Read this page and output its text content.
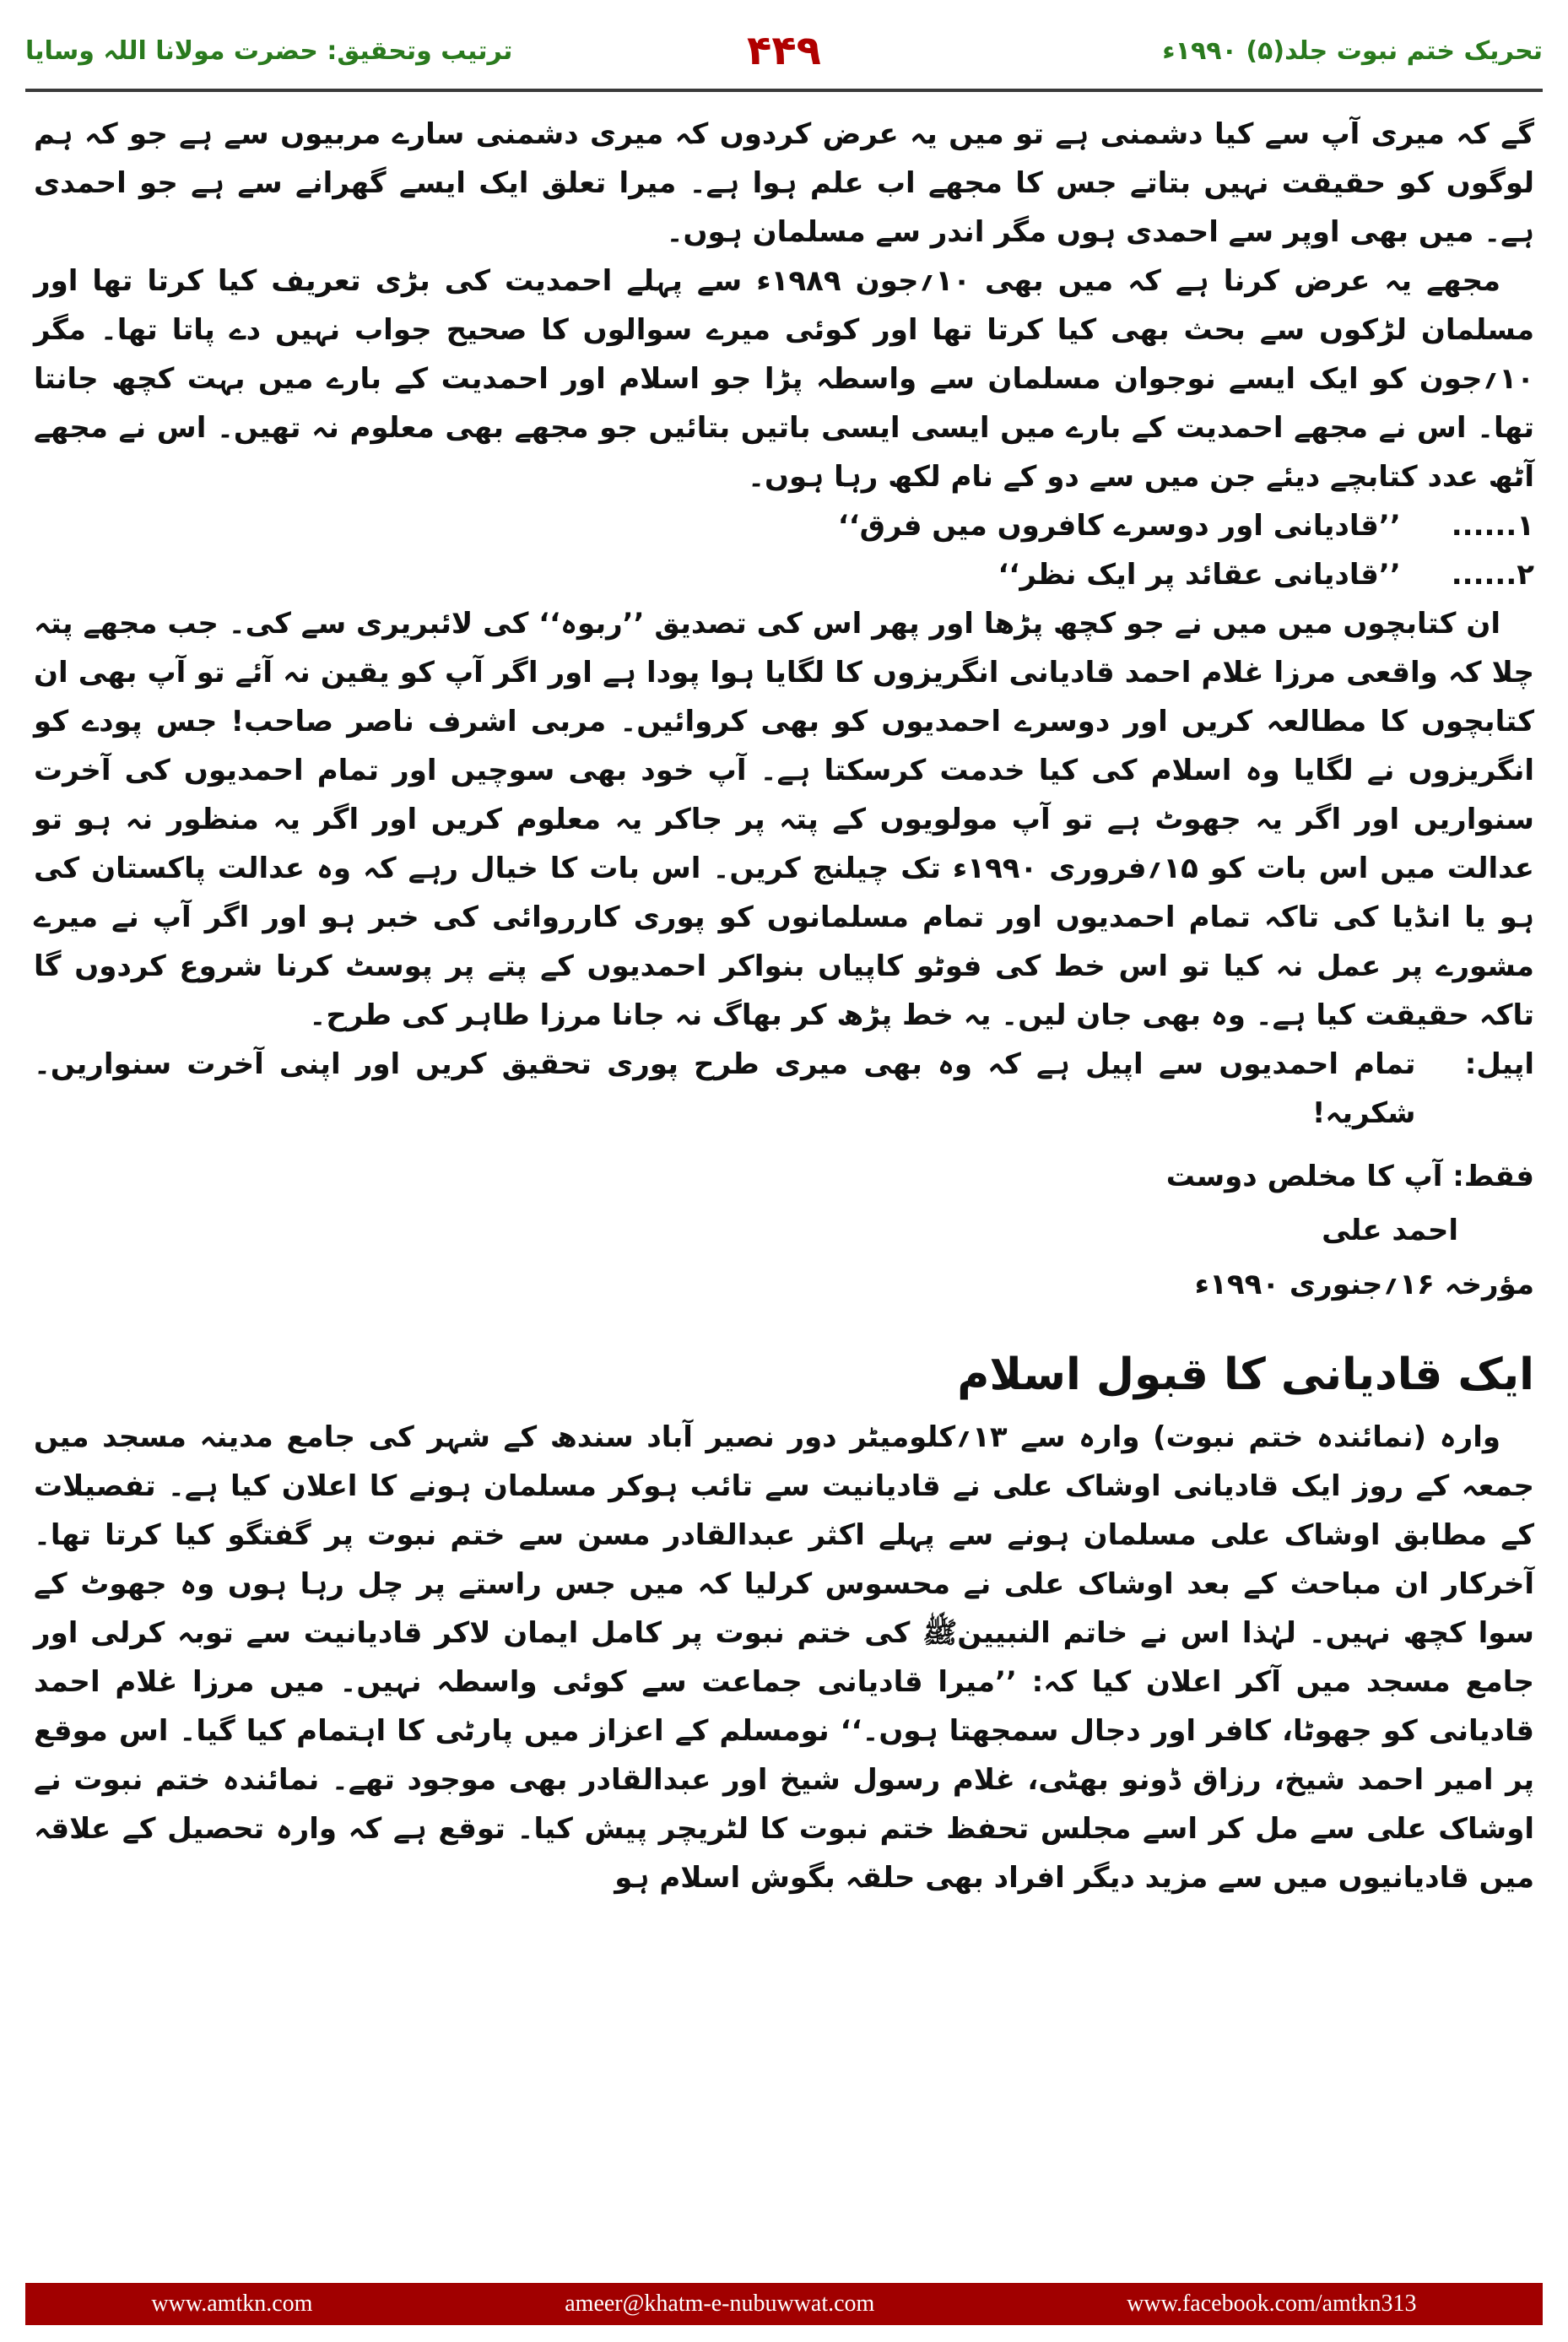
ترتیب وتحقیق: حضرت مولانا اللہ وسایا	۴۴۹	تحریک ختم نبوت جلد(۵) ۱۹۹۰ء

گے کہ میری آپ سے کیا دشمنی ہے تو میں یہ عرض کردوں کہ میری دشمنی سارے مربیوں سے ہے جو کہ ہم لوگوں کو حقیقت نہیں بتاتے جس کا مجھے اب علم ہوا ہے۔ میرا تعلق ایک ایسے گھرانے سے ہے جو احمدی ہے۔ میں بھی اوپر سے احمدی ہوں مگر اندر سے مسلمان ہوں۔

مجھے یہ عرض کرنا ہے کہ میں بھی ۱۰؍جون ۱۹۸۹ء سے پہلے احمدیت کی بڑی تعریف کیا کرتا تھا اور مسلمان لڑکوں سے بحث بھی کیا کرتا تھا اور کوئی میرے سوالوں کا صحیح جواب نہیں دے پاتا تھا۔ مگر ۱۰؍جون کو ایک ایسے نوجوان مسلمان سے واسطہ پڑا جو اسلام اور احمدیت کے بارے میں بہت کچھ جانتا تھا۔ اس نے مجھے احمدیت کے بارے میں ایسی ایسی باتیں بتائیں جو مجھے بھی معلوم نہ تھیں۔ اس نے مجھے آٹھ عدد کتابچے دیئے جن میں سے دو کے نام لکھ رہا ہوں۔

۱......
’’قادیانی اور دوسرے کافروں میں فرق‘‘
۲......
’’قادیانی عقائد پر ایک نظر‘‘

ان کتابچوں میں میں نے جو کچھ پڑھا اور پھر اس کی تصدیق ’’ربوہ‘‘ کی لائبریری سے کی۔ جب مجھے پتہ چلا کہ واقعی مرزا غلام احمد قادیانی انگریزوں کا لگایا ہوا پودا ہے اور اگر آپ کو یقین نہ آئے تو آپ بھی ان کتابچوں کا مطالعہ کریں اور دوسرے احمدیوں کو بھی کروائیں۔ مربی اشرف ناصر صاحب! جس پودے کو انگریزوں نے لگایا وہ اسلام کی کیا خدمت کرسکتا ہے۔ آپ خود بھی سوچیں اور تمام احمدیوں کی آخرت سنواریں اور اگر یہ جھوٹ ہے تو آپ مولویوں کے پتہ پر جاکر یہ معلوم کریں اور اگر یہ منظور نہ ہو تو عدالت میں اس بات کو ۱۵؍فروری ۱۹۹۰ء تک چیلنج کریں۔ اس بات کا خیال رہے کہ وہ عدالت پاکستان کی ہو یا انڈیا کی تاکہ تمام احمدیوں اور تمام مسلمانوں کو پوری کارروائی کی خبر ہو اور اگر آپ نے میرے مشورے پر عمل نہ کیا تو اس خط کی فوٹو کاپیاں بنواکر احمدیوں کے پتے پر پوسٹ کرنا شروع کردوں گا تاکہ حقیقت کیا ہے۔ وہ بھی جان لیں۔ یہ خط پڑھ کر بھاگ نہ جانا مرزا طاہر کی طرح۔

اپیل:
تمام احمدیوں سے اپیل ہے کہ وہ بھی میری طرح پوری تحقیق کریں اور اپنی آخرت سنواریں۔ شکریہ!
فقط: آپ کا مخلص دوست
احمد علی
مؤرخہ ۱۶؍جنوری ۱۹۹۰ء
ایک قادیانی کا قبول اسلام

وارہ (نمائندہ ختم نبوت) وارہ سے ۱۳؍کلومیٹر دور نصیر آباد سندھ کے شہر کی جامع مدینہ مسجد میں جمعہ کے روز ایک قادیانی اوشاک علی نے قادیانیت سے تائب ہوکر مسلمان ہونے کا اعلان کیا ہے۔ تفصیلات کے مطابق اوشاک علی مسلمان ہونے سے پہلے اکثر عبدالقادر مسن سے ختم نبوت پر گفتگو کیا کرتا تھا۔ آخرکار ان مباحث کے بعد اوشاک علی نے محسوس کرلیا کہ میں جس راستے پر چل رہا ہوں وہ جھوٹ کے سوا کچھ نہیں۔ لہٰذا اس نے خاتم النبیینﷺ کی ختم نبوت پر کامل ایمان لاکر قادیانیت سے توبہ کرلی اور جامع مسجد میں آکر اعلان کیا کہ: ’’میرا قادیانی جماعت سے کوئی واسطہ نہیں۔ میں مرزا غلام احمد قادیانی کو جھوٹا، کافر اور دجال سمجھتا ہوں۔‘‘ نومسلم کے اعزاز میں پارٹی کا اہتمام کیا گیا۔ اس موقع پر امیر احمد شیخ، رزاق ڈونو بھٹی، غلام رسول شیخ اور عبدالقادر بھی موجود تھے۔ نمائندہ ختم نبوت نے اوشاک علی سے مل کر اسے مجلس تحفظ ختم نبوت کا لٹریچر پیش کیا۔ توقع ہے کہ وارہ تحصیل کے علاقہ میں قادیانیوں میں سے مزید دیگر افراد بھی حلقہ بگوش اسلام ہو

www.amtkn.com	ameer@khatm-e-nubuwwat.com	www.facebook.com/amtkn313
